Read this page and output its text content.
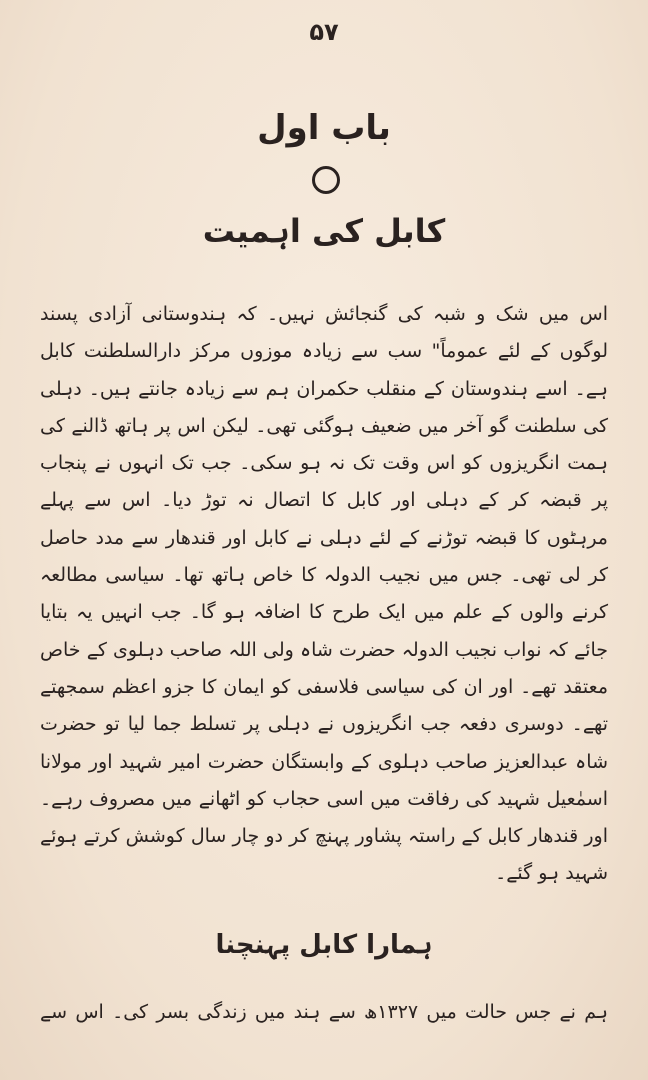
۵۷
باب اول
کابل کی اہمیت

اس میں شک و شبہ کی گنجائش نہیں۔ کہ ہندوستانی آزادی پسند لوگوں کے لئے عموماً" سب سے زیادہ موزوں مرکز دارالسلطنت کابل ہے۔ اسے ہندوستان کے منقلب حکمران ہم سے زیادہ جانتے ہیں۔ دہلی کی سلطنت گو آخر میں ضعیف ہوگئی تھی۔ لیکن اس پر ہاتھ ڈالنے کی ہمت انگریزوں کو اس وقت تک نہ ہو سکی۔ جب تک انہوں نے پنجاب پر قبضہ کر کے دہلی اور کابل کا اتصال نہ توڑ دیا۔ اس سے پہلے مرہٹوں کا قبضہ توڑنے کے لئے دہلی نے کابل اور قندھار سے مدد حاصل کر لی تھی۔ جس میں نجیب الدولہ کا خاص ہاتھ تھا۔ سیاسی مطالعہ کرنے والوں کے علم میں ایک طرح کا اضافہ ہو گا۔ جب انہیں یہ بتایا جائے کہ نواب نجیب الدولہ حضرت شاہ ولی اللہ صاحب دہلوی کے خاص معتقد تھے۔ اور ان کی سیاسی فلاسفی کو ایمان کا جزو اعظم سمجھتے تھے۔ دوسری دفعہ جب انگریزوں نے دہلی پر تسلط جما لیا تو حضرت شاہ عبدالعزیز صاحب دہلوی کے وابستگان حضرت امیر شہید اور مولانا اسمٰعیل شہید کی رفاقت میں اسی حجاب کو اٹھانے میں مصروف رہے۔ اور قندھار کابل کے راستہ پشاور پہنچ کر دو چار سال کوشش کرتے ہوئے شہید ہو گئے۔

ہمارا کابل پہنچنا
ہم نے جس حالت میں ۱۳۲۷ھ سے ہند میں زندگی بسر کی۔ اس سے
